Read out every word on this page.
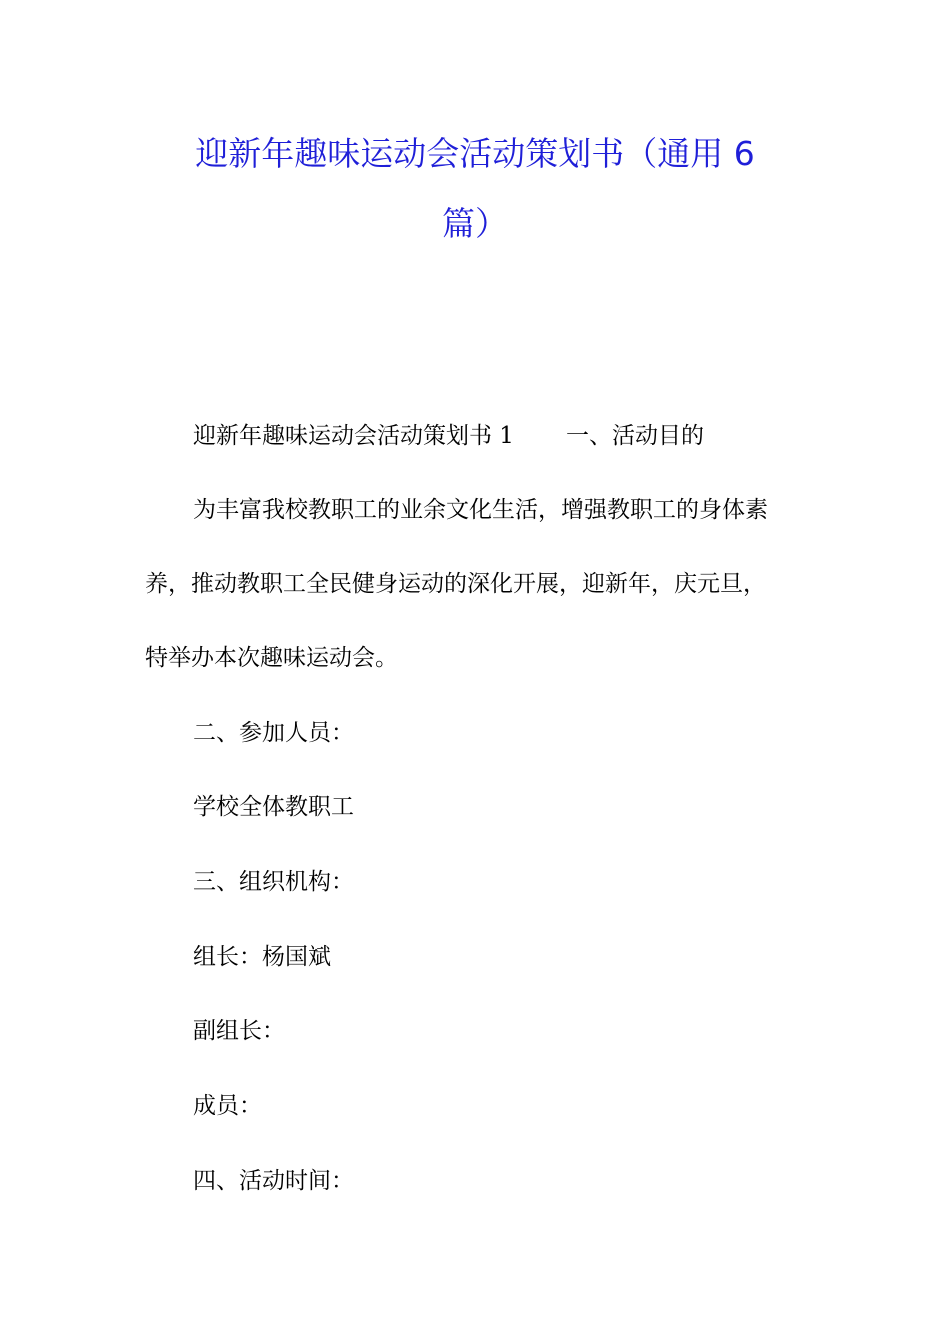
迎新年趣味运动会活动策划书（通用 6
篇）

迎新年趣味运动会活动策划书 1 一、活动目的

为丰富我校教职工的业余文化生活，增强教职工的身体素

养，推动教职工全民健身运动的深化开展，迎新年，庆元旦，

特举办本次趣味运动会。

二、参加人员：

学校全体教职工

三、组织机构：

组长：杨国斌

副组长：

成员：

四、活动时间：
